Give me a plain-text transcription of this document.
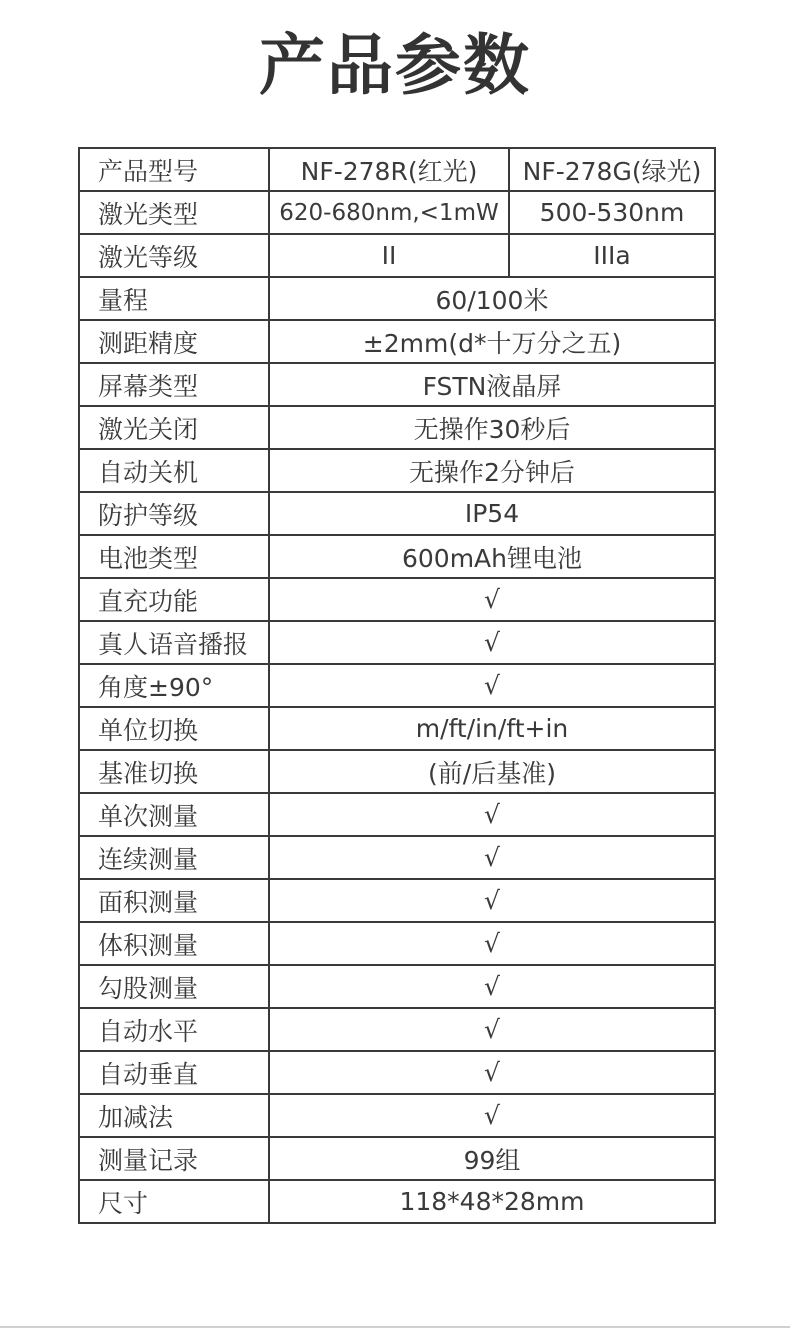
产品参数
产品型号	NF-278R(红光)	NF-278G(绿光)
激光类型	620-680nm,<1mW	500-530nm
激光等级	II	IIIa
量程	60/100米	
测距精度	±2mm(d*十万分之五)	
屏幕类型	FSTN液晶屏	
激光关闭	无操作30秒后	
自动关机	无操作2分钟后	
防护等级	IP54	
电池类型	600mAh锂电池	
直充功能	√	
真人语音播报	√	
角度±90°	√	
单位切换	m/ft/in/ft+in	
基准切换	(前/后基准)	
单次测量	√	
连续测量	√	
面积测量	√	
体积测量	√	
勾股测量	√	
自动水平	√	
自动垂直	√	
加减法	√	
测量记录	99组	
尺寸	118*48*28mm	
